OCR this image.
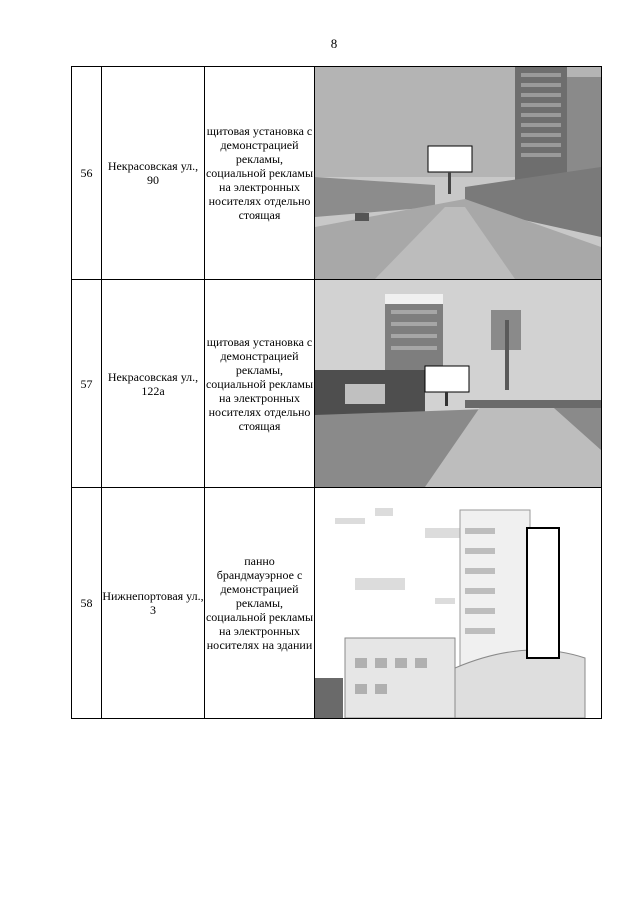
8
56	Некрасовская ул., 90	щитовая установка с демонстрацией рекламы, социальной рекламы на электронных носителях отдельно стоящая	

57	Некрасовская ул., 122а	щитовая установка с демонстрацией рекламы, социальной рекламы на электронных носителях отдельно стоящая	

58	Нижнепортовая ул., 3	панно брандмауэрное с демонстрацией рекламы, социальной рекламы на электронных носителях на здании	
